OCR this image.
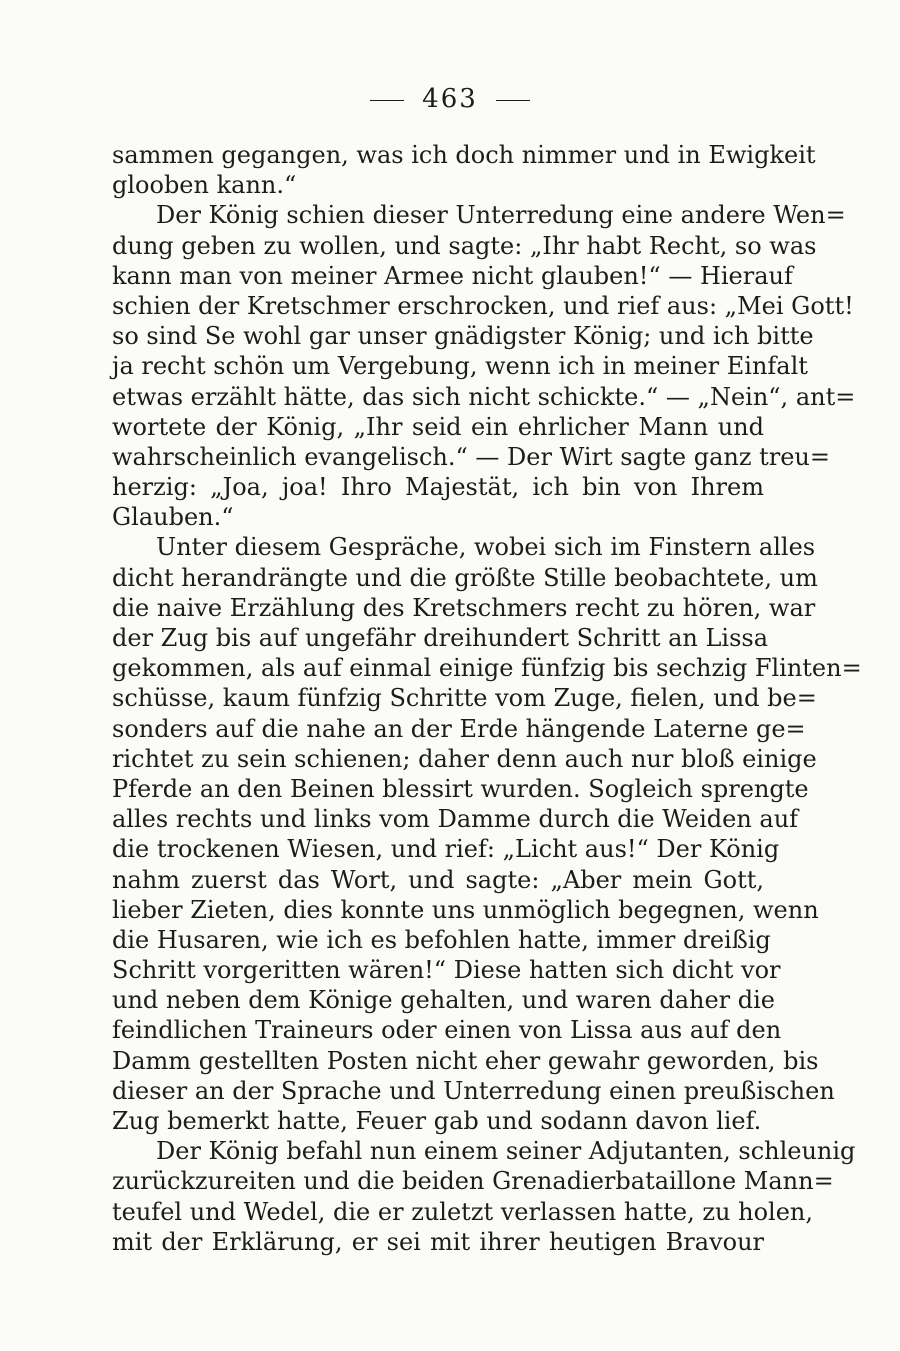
463
sammen gegangen, was ich doch nimmer und in Ewigkeit
glooben kann.“
Der König schien dieser Unterredung eine andere Wen=
dung geben zu wollen, und sagte: „Ihr habt Recht, so was
kann man von meiner Armee nicht glauben!“ — Hierauf
schien der Kretschmer erschrocken, und rief aus: „Mei Gott!
so sind Se wohl gar unser gnädigster König; und ich bitte
ja recht schön um Vergebung, wenn ich in meiner Einfalt
etwas erzählt hätte, das sich nicht schickte.“ — „Nein“, ant=
wortete der König, „Ihr seid ein ehrlicher Mann und
wahrscheinlich evangelisch.“ — Der Wirt sagte ganz treu=
herzig: „Joa, joa! Ihro Majestät, ich bin von Ihrem
Glauben.“
Unter diesem Gespräche, wobei sich im Finstern alles
dicht herandrängte und die größte Stille beobachtete, um
die naive Erzählung des Kretschmers recht zu hören, war
der Zug bis auf ungefähr dreihundert Schritt an Lissa
gekommen, als auf einmal einige fünfzig bis sechzig Flinten=
schüsse, kaum fünfzig Schritte vom Zuge, fielen, und be=
sonders auf die nahe an der Erde hängende Laterne ge=
richtet zu sein schienen; daher denn auch nur bloß einige
Pferde an den Beinen blessirt wurden. Sogleich sprengte
alles rechts und links vom Damme durch die Weiden auf
die trockenen Wiesen, und rief: „Licht aus!“ Der König
nahm zuerst das Wort, und sagte: „Aber mein Gott,
lieber Zieten, dies konnte uns unmöglich begegnen, wenn
die Husaren, wie ich es befohlen hatte, immer dreißig
Schritt vorgeritten wären!“ Diese hatten sich dicht vor
und neben dem Könige gehalten, und waren daher die
feindlichen Traineurs oder einen von Lissa aus auf den
Damm gestellten Posten nicht eher gewahr geworden, bis
dieser an der Sprache und Unterredung einen preußischen
Zug bemerkt hatte, Feuer gab und sodann davon lief.
Der König befahl nun einem seiner Adjutanten, schleunig
zurückzureiten und die beiden Grenadierbataillone Mann=
teufel und Wedel, die er zuletzt verlassen hatte, zu holen,
mit der Erklärung, er sei mit ihrer heutigen Bravour
